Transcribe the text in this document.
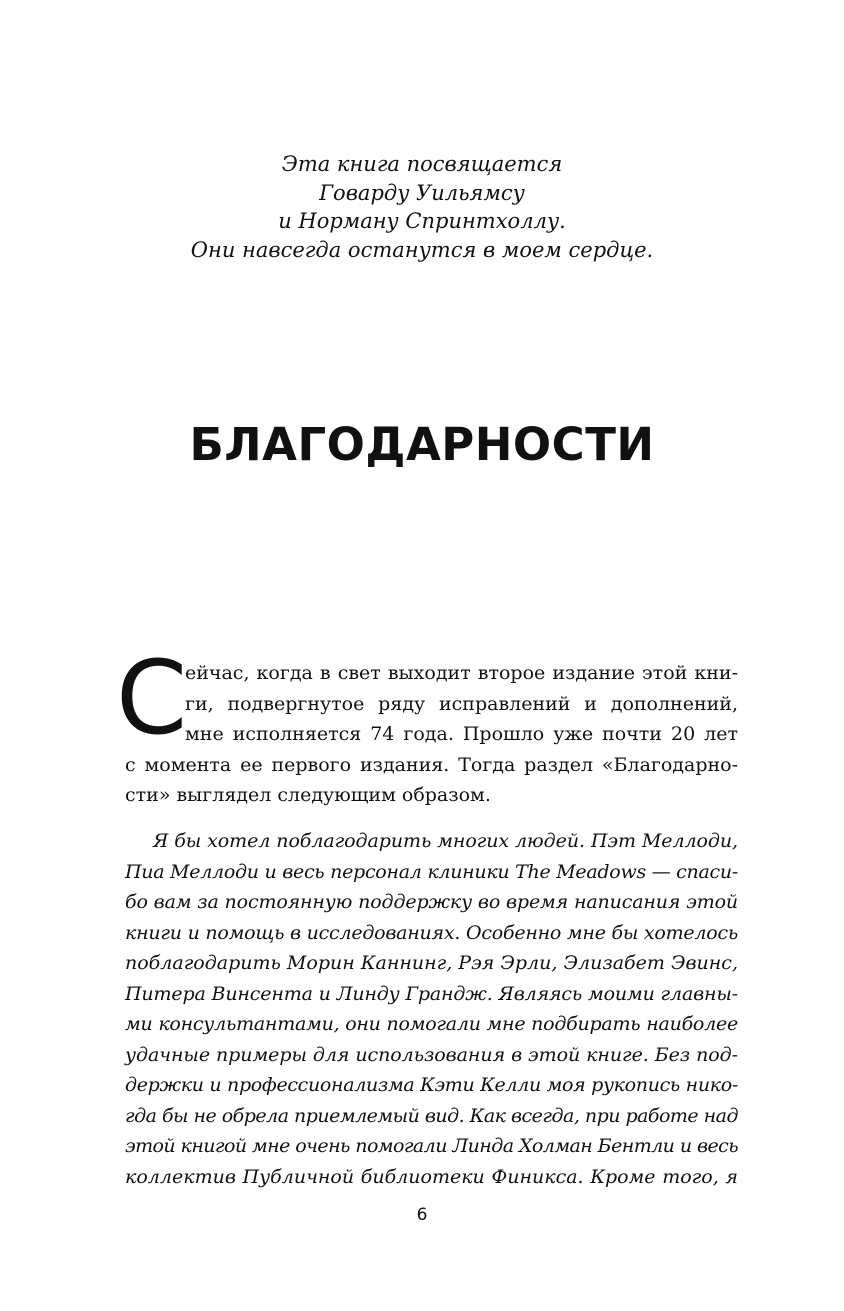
Эта книга посвящается
Говарду Уильямсу
и Норману Спринтхоллу.
Они навсегда останутся в моем сердце.
БЛАГОДАРНОСТИ
С
ейчас, когда в свет выходит второе издание этой кни-
ги, подвергнутое ряду исправлений и дополнений,
мне исполняется 74 года. Прошло уже почти 20 лет
с момента ее первого издания. Тогда раздел «Благодарно-
сти» выглядел следующим образом.
Я бы хотел поблагодарить многих людей. Пэт Меллоди,
Пиа Меллоди и весь персонал клиники The Meadows — спаси-
бо вам за постоянную поддержку во время написания этой
книги и помощь в исследованиях. Особенно мне бы хотелось
поблагодарить Морин Каннинг, Рэя Эрли, Элизабет Эвинс,
Питера Винсента и Линду Грандж. Являясь моими главны-
ми консультантами, они помогали мне подбирать наиболее
удачные примеры для использования в этой книге. Без под-
держки и профессионализма Кэти Келли моя рукопись нико-
гда бы не обрела приемлемый вид. Как всегда, при работе над
этой книгой мне очень помогали Линда Холман Бентли и весь
коллектив Публичной библиотеки Финикса. Кроме того, я
6
